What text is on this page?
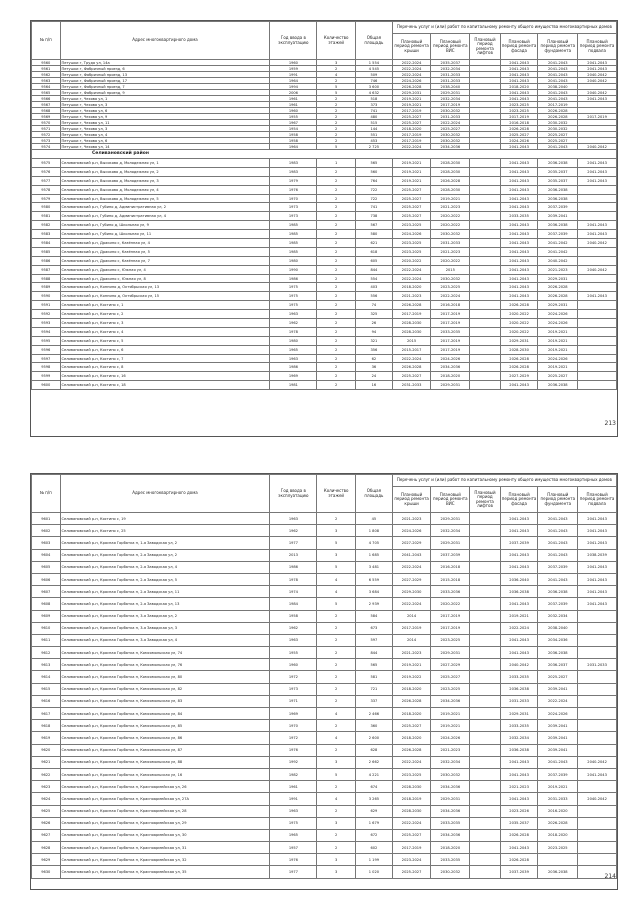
№ п/п	Адрес многоквартирного дома	Год ввода в эксплуатацию	Количество этажей	Общая площадь	Перечень услуг и (или) работ по капитальному ремонту общего имущества многоквартирных домов					
					Плановый период ремонта крыши	Плановый период ремонта ВИС	Плановый период ремонта лифтов	Плановый период ремонта фасада	Плановый период ремонта фундамента	Плановый период ремонта подвала
9560	Петушки г, Труда ул, 14а	1960	3	1 554	2022-2024	2035-2037		2041-2043	2041-2043	2041-2043
9561	Петушки г, Фабричный проезд, 6	1959	2	4 545	2022-2024	2032-2034		2041-2043	2041-2043	2041-2043
9562	Петушки г, Фабричный проезд, 13	1991	4	509	2022-2024	2031-2033		2041-2043	2041-2043	2040-2042
9563	Петушки г, Фабричный проезд, 17	1964	2	746	2024-2026	2031-2033		2041-2043	2041-2043	2040-2042
9564	Петушки г, Фабричный проезд, 7	1994	5	3 600	2026-2028	2038-2040		2018-2020	2038-2040	
9565	Петушки г, Фабричный проезд, 9	2006	5	4 632	2029-2031	2029-2031		2041-2043	2041-2043	2040-2042
9566	Петушки г, Чехова ул, 1	1961	2	518	2019-2021	2032-2034		2041-2043	2041-2043	2041-2043
9567	Петушки г, Чехова ул, 3	1961	2	373	2019-2021	2017-2019		2023-2025	2017-2019	
9568	Петушки г, Чехова ул, 6	1960	2	741	2017-2019	2030-2032		2023-2025	2026-2028	
9569	Петушки г, Чехова ул, 9	1955	2	480	2025-2027	2031-2033		2017-2019	2026-2028	2017-2019
9570	Петушки г, Чехова ул, 11	1967	2	515	2025-2027	2022-2024		2016-2018	2030-2032	
9571	Петушки г, Чехова ул, 3	1954	2	144	2018-2020	2025-2027		2026-2028	2030-2032	
9572	Петушки г, Чехова ул, 4	1958	2	551	2017-2019	2030-2032		2025-2027	2025-2027	
9573	Петушки г, Чехова ул, 6	1958	2	453	2017-2019	2030-2032		2024-2026	2025-2027	
9574	Петушки г, Чехова ул, 14	1964	5	2 725	2022-2024	2034-2036		2041-2043	2041-2043	2040-2042
Селивановский район										
9575	Селивановский р-н, Высоково д, Молодежная ул, 1	1983	1	565	2019-2021	2028-2030		2041-2043	2036-2038	2041-2043
9576	Селивановский р-н, Высоково д, Молодежная ул, 2	1983	2	560	2019-2021	2028-2030		2041-2043	2035-2037	2041-2043
9577	Селивановский р-н, Высоково д, Молодежная ул, 3	1979	2	764	2019-2021	2026-2028		2041-2043	2035-2037	2041-2043
9578	Селивановский р-н, Высоково д, Молодежная ул, 4	1976	2	722	2025-2027	2028-2030		2041-2043	2036-2038	
9579	Селивановский р-н, Высоково д, Молодежная ул, 5	1970	2	722	2025-2027	2019-2021		2041-2043	2036-2038	
9580	Селивановский р-н, Губино д, Административная ул, 2	1973	2	741	2025-2027	2021-2023		2041-2043	2037-2039	
9581	Селивановский р-н, Губино д, Административная ул, 4	1973	2	738	2025-2027	2020-2022		2033-2035	2039-2041	
9582	Селивановский р-н, Губино д, Школьная ул, 9	1985	2	567	2023-2025	2020-2022		2041-2043	2036-2038	2041-2043
9583	Селивановский р-н, Губино д, Школьная ул, 11	1985	2	580	2024-2026	2030-2032		2041-2043	2037-2039	2041-2043
9584	Селивановский р-н, Дракино с, Казённая ул, 4	1985	2	621	2023-2025	2031-2033		2041-2043	2041-2042	2040-2042
9585	Селивановский р-н, Дракино с, Казённая ул, 5	1985	2	618	2023-2025	2021-2023		2041-2043	2041-2042	
9586	Селивановский р-н, Дракино с, Казённая ул, 7	1980	2	605	2020-2022	2020-2022		2041-2043	2040-2042	
9587	Селивановский р-н, Дракино с, Южная ул, 4	1990	2	844	2022-2024	2015		2041-2043	2021-2023	2040-2042
9588	Селивановский р-н, Дракино с, Южная ул, 8	1986	2	554	2022-2024	2030-2032		2041-2043	2029-2031	
9589	Селивановский р-н, Копнино д, Октябрьская ул, 13	1975	2	403	2018-2020	2023-2025		2041-2043	2026-2028	
9590	Селивановский р-н, Копнино д, Октябрьская ул, 15	1975	2	556	2021-2023	2022-2024		2041-2043	2026-2028	2041-2043
9591	Селивановский р-н, Костино с, 1	1975	2	74	2026-2028	2016-2018		2026-2028	2029-2031	
9592	Селивановский р-н, Костино с, 2	1963	2	325	2017-2019	2017-2019		2020-2022	2024-2026	
9593	Селивановский р-н, Костино с, 3	1962	2	26	2028-2030	2017-2019		2020-2022	2024-2026	
9594	Селивановский р-н, Костино с, 4	1978	2	94	2028-2030	2033-2035		2020-2022	2019-2021	
9595	Селивановский р-н, Костино с, 5	1980	2	321	2015	2017-2019		2029-2031	2019-2021	
9596	Селивановский р-н, Костино с, 6	1965	2	356	2015-2017	2017-2019		2028-2030	2019-2021	
9597	Селивановский р-н, Костино с, 7	1963	2	62	2022-2024	2024-2026		2026-2028	2024-2026	
9598	Селивановский р-н, Костино с, 8	1986	2	36	2026-2028	2034-2036		2026-2028	2019-2021	
9599	Селивановский р-н, Костино с, 16	1969	2	24	2025-2027	2018-2020		2027-2029	2025-2027	
9600	Селивановский р-н, Костино с, 18	1981	2	16	2031-2033	2029-2031		2041-2043	2036-2038	
213
№ п/п	Адрес многоквартирного дома	Год ввода в эксплуатацию	Количество этажей	Общая площадь	Перечень услуг и (или) работ по капитальному ремонту общего имущества многоквартирных домов					
					Плановый период ремонта крыши	Плановый период ремонта ВИС	Плановый период ремонта лифтов	Плановый период ремонта фасада	Плановый период ремонта фундамента	Плановый период ремонта подвала
9601	Селивановский р-н, Костино с, 19	1963	2	45	2021-2023	2029-2031		2041-2043	2041-2043	2041-2043
9602	Селивановский р-н, Костино с, 25	1962	3	1 808	2024-2026	2032-2034		2041-2043	2041-2043	2041-2043
9603	Селивановский р-н, Красная Горбатка п, 1-я Заводская ул, 2	1977	5	4 705	2027-2029	2029-2031		2037-2039	2041-2043	2041-2043
9604	Селивановский р-н, Красная Горбатка п, 2-я Заводская ул, 2	2013	3	1 685	2041-2043	2037-2039		2041-2043	2041-2043	2038-2039
9605	Селивановский р-н, Красная Горбатка п, 2-я Заводская ул, 4	1986	5	3 481	2022-2024	2016-2018		2041-2043	2037-2039	2041-2043
9606	Селивановский р-н, Красная Горбатка п, 2-я Заводская ул, 5	1978	4	6 559	2027-2029	2015-2018		2036-2040	2041-2043	2041-2043
9607	Селивановский р-н, Красная Горбатка п, 2-я Заводская ул, 11	1974	4	3 684	2029-2030	2033-2036		2036-2038	2036-2038	2041-2043
9608	Селивановский р-н, Красная Горбатка п, 2-я Заводская ул, 13	1984	5	2 939	2022-2024	2020-2022		2041-2043	2037-2039	2041-2043
9609	Селивановский р-н, Красная Горбатка п, 3-я Заводская ул, 2	1958	2	584	2014	2017-2019		2019-2021	2032-2034	
9610	Селивановский р-н, Красная Горбатка п, 3-я Заводская ул, 3	1962	2	673	2017-2019	2017-2019		2022-2024	2038-2040	
9611	Селивановский р-н, Красная Горбатка п, 3-я Заводская ул, 4	1963	2	597	2014	2023-2025		2041-2043	2034-2036	
9612	Селивановский р-н, Красная Горбатка п, Комсомольская ул, 74	1955	2	844	2021-2023	2029-2031		2041-2043	2036-2038	
9613	Селивановский р-н, Красная Горбатка п, Комсомольская ул, 76	1960	2	565	2019-2021	2027-2029		2040-2042	2036-2037	2031-2033
9614	Селивановский р-н, Красная Горбатка п, Комсомольская ул, 80	1972	2	581	2019-2022	2025-2027		2033-2035	2025-2027	
9615	Селивановский р-н, Красная Горбатка п, Комсомольская ул, 82	1973	2	721	2018-2020	2023-2025		2036-2038	2039-2041	
9616	Селивановский р-н, Красная Горбатка п, Комсомольская ул, 83	1971	2	337	2026-2028	2034-2036		2031-2033	2022-2024	
9617	Селивановский р-н, Красная Горбатка п, Комсомольская ул, 84	1969	4	2 466	2018-2020	2019-2021		2029-2031	2024-2026	
9618	Селивановский р-н, Красная Горбатка п, Комсомольская ул, 85	1970	2	360	2025-2027	2019-2021		2033-2035	2039-2041	
9619	Селивановский р-н, Красная Горбатка п, Комсомольская ул, 86	1972	4	2 600	2018-2020	2024-2026		2032-2034	2039-2041	
9620	Селивановский р-н, Красная Горбатка п, Комсомольская ул, 87	1976	2	628	2026-2028	2021-2023		2036-2038	2039-2041	
9621	Селивановский р-н, Красная Горбатка п, Комсомольская ул, 88	1992	3	2 662	2022-2024	2032-2034		2041-2043	2041-2043	2040-2042
9622	Селивановский р-н, Красная Горбатка п, Комсомольская ул, 16	1982	5	4 221	2023-2025	2030-2032		2041-2043	2037-2039	2041-2043
9623	Селивановский р-н, Красная Горбатка п, Красноармейская ул, 26	1961	2	674	2028-2030	2034-2036		2021-2023	2019-2021	
9624	Селивановский р-н, Красная Горбатка п, Красноармейская ул, 27А	1991	4	3 265	2018-2019	2029-2031		2041-2043	2031-2033	2040-2042
9625	Селивановский р-н, Красная Горбатка п, Красноармейская ул, 28	1963	2	629	2028-2030	2034-2036		2023-2026	2016-2020	
9626	Селивановский р-н, Красная Горбатка п, Красноармейская ул, 29	1975	3	1 679	2022-2024	2033-2035		2035-2037	2026-2028	
9627	Селивановский р-н, Красная Горбатка п, Красноармейская ул, 30	1965	2	672	2025-2027	2034-2036		2026-2028	2018-2020	
9628	Селивановский р-н, Красная Горбатка п, Красноармейская ул, 31	1957	2	602	2017-2019	2018-2020		2041-2043	2023-2025	
9629	Селивановский р-н, Красная Горбатка п, Красноармейская ул, 32	1976	3	1 199	2023-2024	2033-2035		2026-2028		
9630	Селивановский р-н, Красная Горбатка п, Красноармейская ул, 35	1977	3	1 020	2025-2027	2030-2032		2037-2039	2036-2038	
214
